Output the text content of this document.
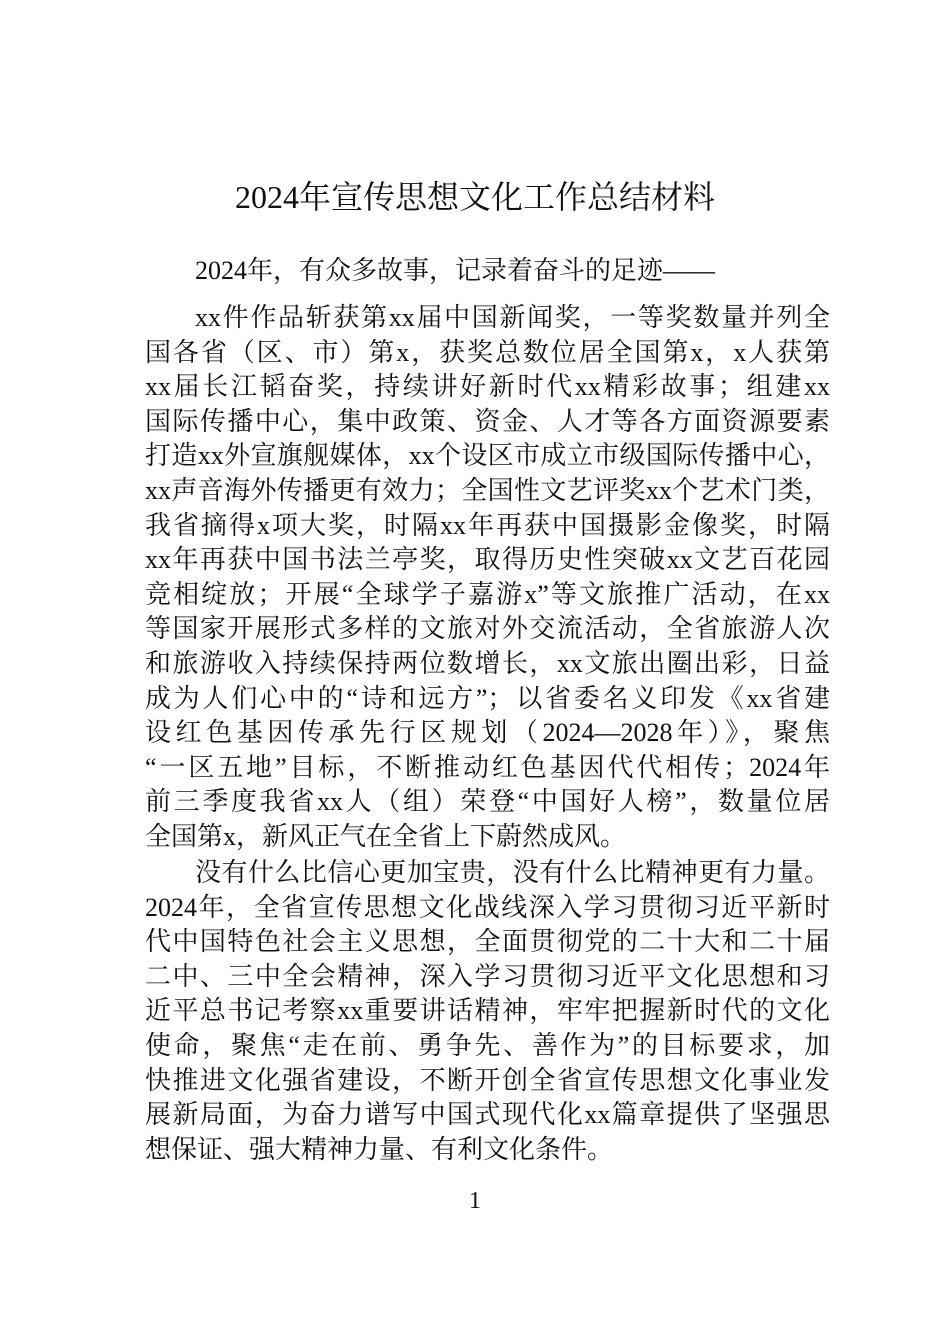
2024年宣传思想文化工作总结材料
2024年，有众多故事，记录着奋斗的足迹——
xx件作品斩获第xx届中国新闻奖，一等奖数量并列全
国各省（区、市）第x，获奖总数位居全国第x，x人获第
xx届长江韬奋奖，持续讲好新时代xx精彩故事；组建xx
国际传播中心，集中政策、资金、人才等各方面资源要素
打造xx外宣旗舰媒体，xx个设区市成立市级国际传播中心，
xx声音海外传播更有效力；全国性文艺评奖xx个艺术门类，
我省摘得x项大奖，时隔xx年再获中国摄影金像奖，时隔
xx年再获中国书法兰亭奖，取得历史性突破xx文艺百花园
竞相绽放；开展“全球学子嘉游x”等文旅推广活动，在xx
等国家开展形式多样的文旅对外交流活动，全省旅游人次
和旅游收入持续保持两位数增长，xx文旅出圈出彩，日益
成为人们心中的“诗和远方”；以省委名义印发《xx省建
设红色基因传承先行区规划（2024—2028年）》，聚焦
“一区五地”目标，不断推动红色基因代代相传；2024年
前三季度我省xx人（组）荣登“中国好人榜”，数量位居
全国第x，新风正气在全省上下蔚然成风。
没有什么比信心更加宝贵，没有什么比精神更有力量。
2024年，全省宣传思想文化战线深入学习贯彻习近平新时
代中国特色社会主义思想，全面贯彻党的二十大和二十届
二中、三中全会精神，深入学习贯彻习近平文化思想和习
近平总书记考察xx重要讲话精神，牢牢把握新时代的文化
使命，聚焦“走在前、勇争先、善作为”的目标要求，加
快推进文化强省建设，不断开创全省宣传思想文化事业发
展新局面，为奋力谱写中国式现代化xx篇章提供了坚强思
想保证、强大精神力量、有利文化条件。
1
